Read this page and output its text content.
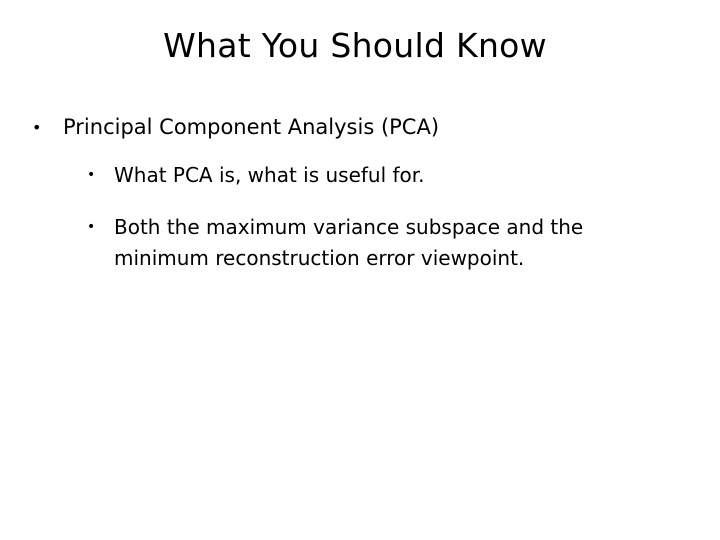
What You Should Know
•	Principal Component Analysis (PCA)
• What PCA is, what is useful for.
• Both the maximum variance subspace and the minimum reconstruction error viewpoint.
